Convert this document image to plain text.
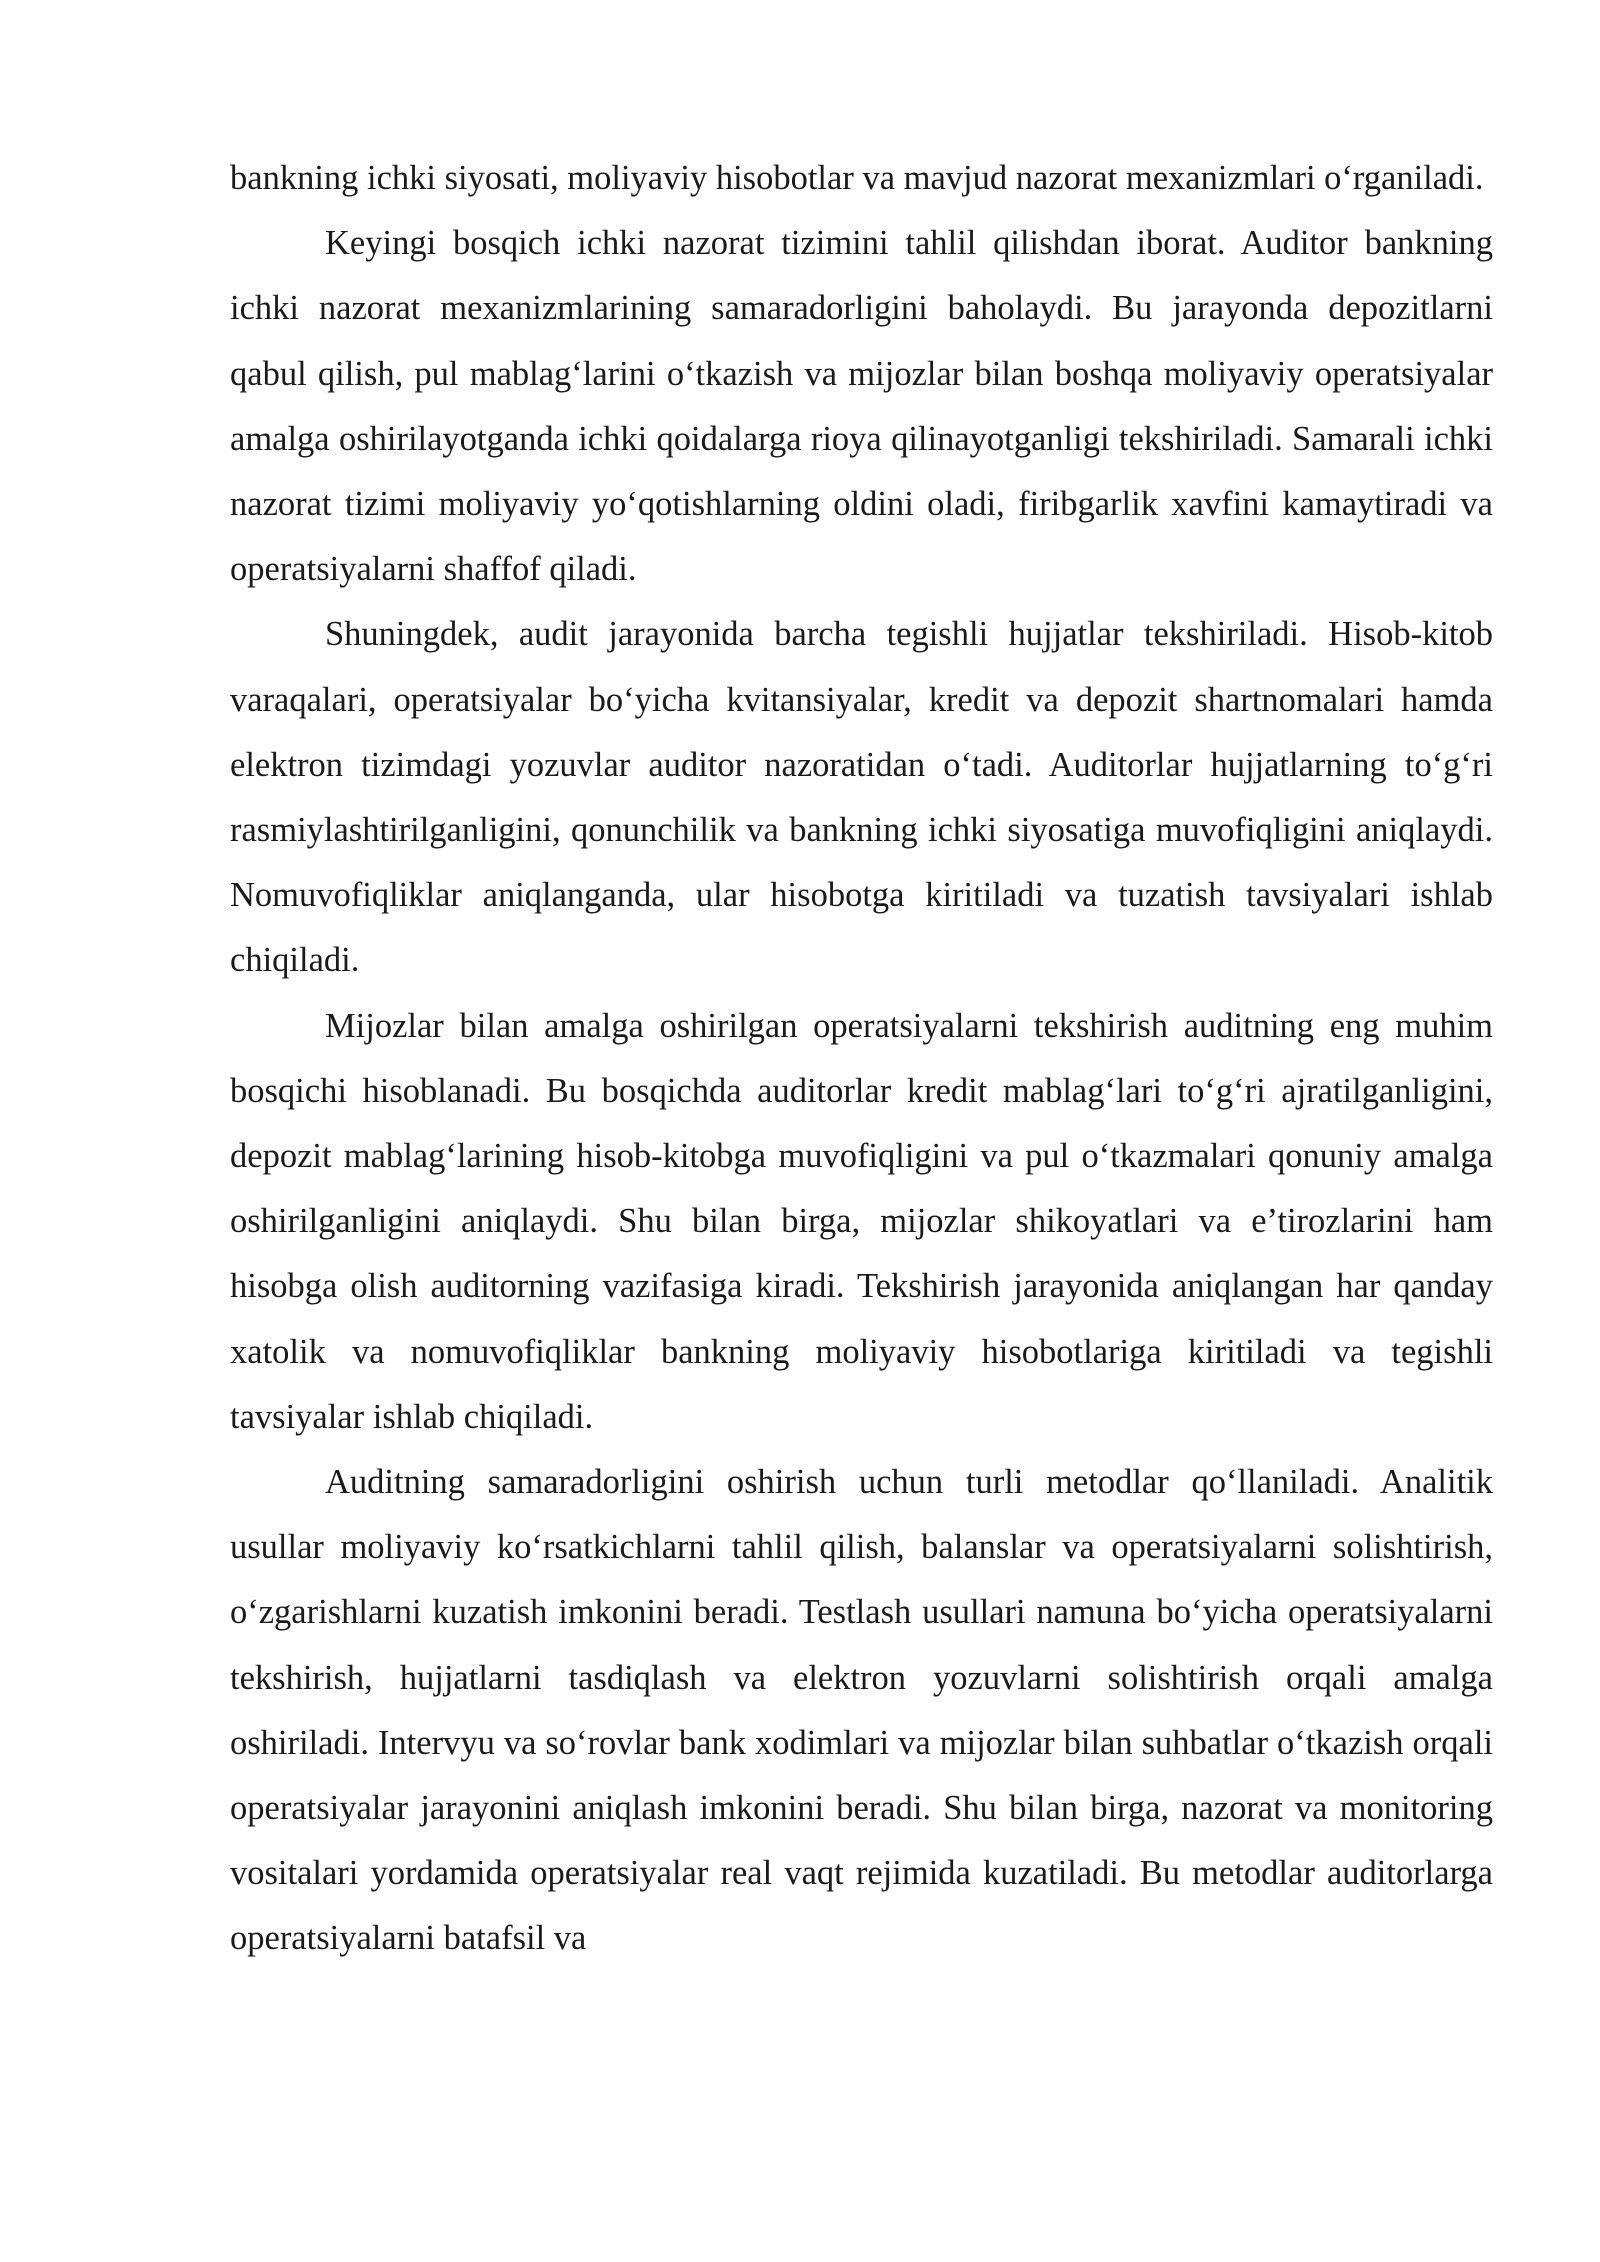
bankning ichki siyosati, moliyaviy hisobotlar va mavjud nazorat mexanizmlari o‘rganiladi.

Keyingi bosqich ichki nazorat tizimini tahlil qilishdan iborat. Auditor bankning ichki nazorat mexanizmlarining samaradorligini baholaydi. Bu jarayonda depozitlarni qabul qilish, pul mablag‘larini o‘tkazish va mijozlar bilan boshqa moliyaviy operatsiyalar amalga oshirilayotganda ichki qoidalarga rioya qilinayotganligi tekshiriladi. Samarali ichki nazorat tizimi moliyaviy yo‘qotishlarning oldini oladi, firibgarlik xavfini kamaytiradi va operatsiyalarni shaffof qiladi.

Shuningdek, audit jarayonida barcha tegishli hujjatlar tekshiriladi. Hisob-kitob varaqalari, operatsiyalar bo‘yicha kvitansiyalar, kredit va depozit shartnomalari hamda elektron tizimdagi yozuvlar auditor nazoratidan o‘tadi. Auditorlar hujjatlarning to‘g‘ri rasmiylashtirilganligini, qonunchilik va bankning ichki siyosatiga muvofiqligini aniqlaydi. Nomuvofiqliklar aniqlanganda, ular hisobotga kiritiladi va tuzatish tavsiyalari ishlab chiqiladi.

Mijozlar bilan amalga oshirilgan operatsiyalarni tekshirish auditning eng muhim bosqichi hisoblanadi. Bu bosqichda auditorlar kredit mablag‘lari to‘g‘ri ajratilganligini, depozit mablag‘larining hisob-kitobga muvofiqligini va pul o‘tkazmalari qonuniy amalga oshirilganligini aniqlaydi. Shu bilan birga, mijozlar shikoyatlari va e’tirozlarini ham hisobga olish auditorning vazifasiga kiradi. Tekshirish jarayonida aniqlangan har qanday xatolik va nomuvofiqliklar bankning moliyaviy hisobotlariga kiritiladi va tegishli tavsiyalar ishlab chiqiladi.

Auditning samaradorligini oshirish uchun turli metodlar qo‘llaniladi. Analitik usullar moliyaviy ko‘rsatkichlarni tahlil qilish, balanslar va operatsiyalarni solishtirish, o‘zgarishlarni kuzatish imkonini beradi. Testlash usullari namuna bo‘yicha operatsiyalarni tekshirish, hujjatlarni tasdiqlash va elektron yozuvlarni solishtirish orqali amalga oshiriladi. Intervyu va so‘rovlar bank xodimlari va mijozlar bilan suhbatlar o‘tkazish orqali operatsiyalar jarayonini aniqlash imkonini beradi. Shu bilan birga, nazorat va monitoring vositalari yordamida operatsiyalar real vaqt rejimida kuzatiladi. Bu metodlar auditorlarga operatsiyalarni batafsil va
